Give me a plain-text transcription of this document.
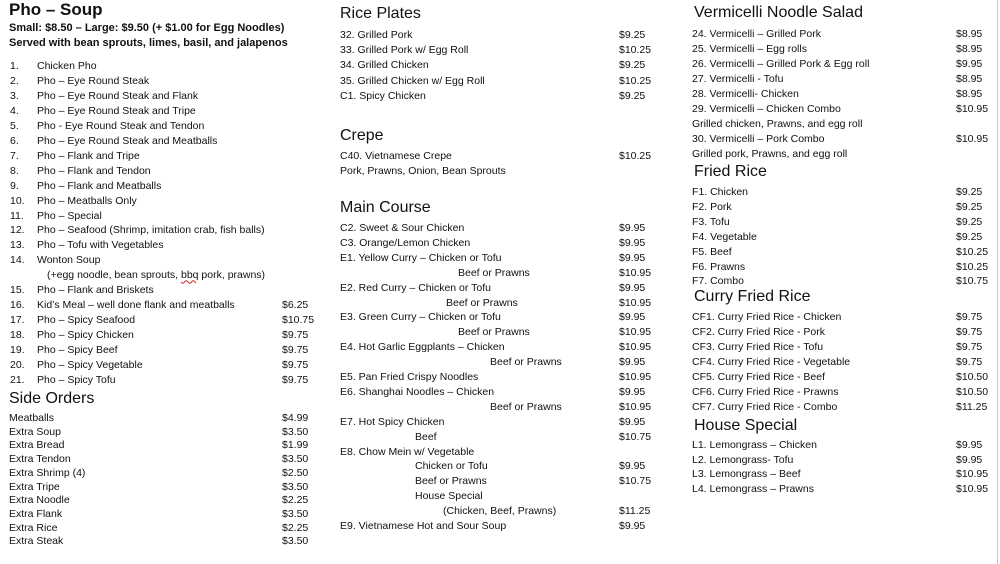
Pho – Soup
Small: $8.50 – Large: $9.50 (+ $1.00 for Egg Noodles)
Served with bean sprouts, limes, basil, and jalapenos
1. Chicken Pho
2. Pho – Eye Round Steak
3. Pho – Eye Round Steak and Flank
4. Pho – Eye Round Steak and Tripe
5. Pho - Eye Round Steak and Tendon
6. Pho – Eye Round Steak and Meatballs
7. Pho – Flank and Tripe
8. Pho – Flank and Tendon
9. Pho – Flank and Meatballs
10. Pho – Meatballs Only
11. Pho – Special
12. Pho – Seafood (Shrimp, imitation crab, fish balls)
13. Pho – Tofu with Vegetables
14. Wonton Soup
(+egg noodle, bean sprouts, bbq pork, prawns)
15. Pho – Flank and Briskets
16. Kid’s Meal – well done flank and meatballs	$6.25
17. Pho – Spicy Seafood	$10.75
18. Pho – Spicy Chicken	$9.75
19. Pho – Spicy Beef	$9.75
20. Pho – Spicy Vegetable	$9.75
21. Pho – Spicy Tofu	$9.75
Side Orders
Meatballs	$4.99
Extra Soup	$3.50
Extra Bread	$1.99
Extra Tendon	$3.50
Extra Shrimp (4)	$2.50
Extra Tripe	$3.50
Extra Noodle	$2.25
Extra Flank	$3.50
Extra Rice	$2.25
Extra Steak	$3.50
Rice Plates
32. Grilled Pork	$9.25
33. Grilled Pork w/ Egg Roll	$10.25
34. Grilled Chicken	$9.25
35. Grilled Chicken w/ Egg Roll	$10.25
C1. Spicy Chicken	$9.25
Crepe
C40. Vietnamese Crepe	$10.25
Pork, Prawns, Onion, Bean Sprouts
Main Course
C2. Sweet & Sour Chicken	$9.95
C3. Orange/Lemon Chicken	$9.95
E1. Yellow Curry – Chicken or Tofu	$9.95
Beef or Prawns	$10.95
E2. Red Curry – Chicken or Tofu	$9.95
Beef or Prawns	$10.95
E3. Green Curry – Chicken or Tofu	$9.95
Beef or Prawns	$10.95
E4. Hot Garlic Eggplants – Chicken	$10.95
Beef or Prawns	$9.95
E5. Pan Fried Crispy Noodles	$10.95
E6. Shanghai Noodles – Chicken	$9.95
Beef or Prawns	$10.95
E7. Hot Spicy Chicken	$9.95
Beef	$10.75
E8. Chow Mein w/ Vegetable
Chicken or Tofu	$9.95
Beef or Prawns	$10.75
House Special
(Chicken, Beef, Prawns)	$11.25
E9. Vietnamese Hot and Sour Soup	$9.95
Vermicelli Noodle Salad
24. Vermicelli – Grilled Pork	$8.95
25. Vermicelli – Egg rolls	$8.95
26. Vermicelli – Grilled Pork & Egg roll	$9.95
27. Vermicelli - Tofu	$8.95
28. Vermicelli- Chicken	$8.95
29. Vermicelli – Chicken Combo	$10.95
Grilled chicken, Prawns, and egg roll
30. Vermicelli – Pork Combo	$10.95
Grilled pork, Prawns, and egg roll
Fried Rice
F1. Chicken	$9.25
F2. Pork	$9.25
F3. Tofu	$9.25
F4. Vegetable	$9.25
F5. Beef	$10.25
F6. Prawns	$10.25
F7. Combo	$10.75
Curry Fried Rice
CF1. Curry Fried Rice - Chicken	$9.75
CF2. Curry Fried Rice - Pork	$9.75
CF3. Curry Fried Rice - Tofu	$9.75
CF4. Curry Fried Rice - Vegetable	$9.75
CF5. Curry Fried Rice - Beef	$10.50
CF6. Curry Fried Rice - Prawns	$10.50
CF7. Curry Fried Rice - Combo	$11.25
House Special
L1. Lemongrass – Chicken	$9.95
L2. Lemongrass- Tofu	$9.95
L3. Lemongrass – Beef	$10.95
L4. Lemongrass – Prawns	$10.95
